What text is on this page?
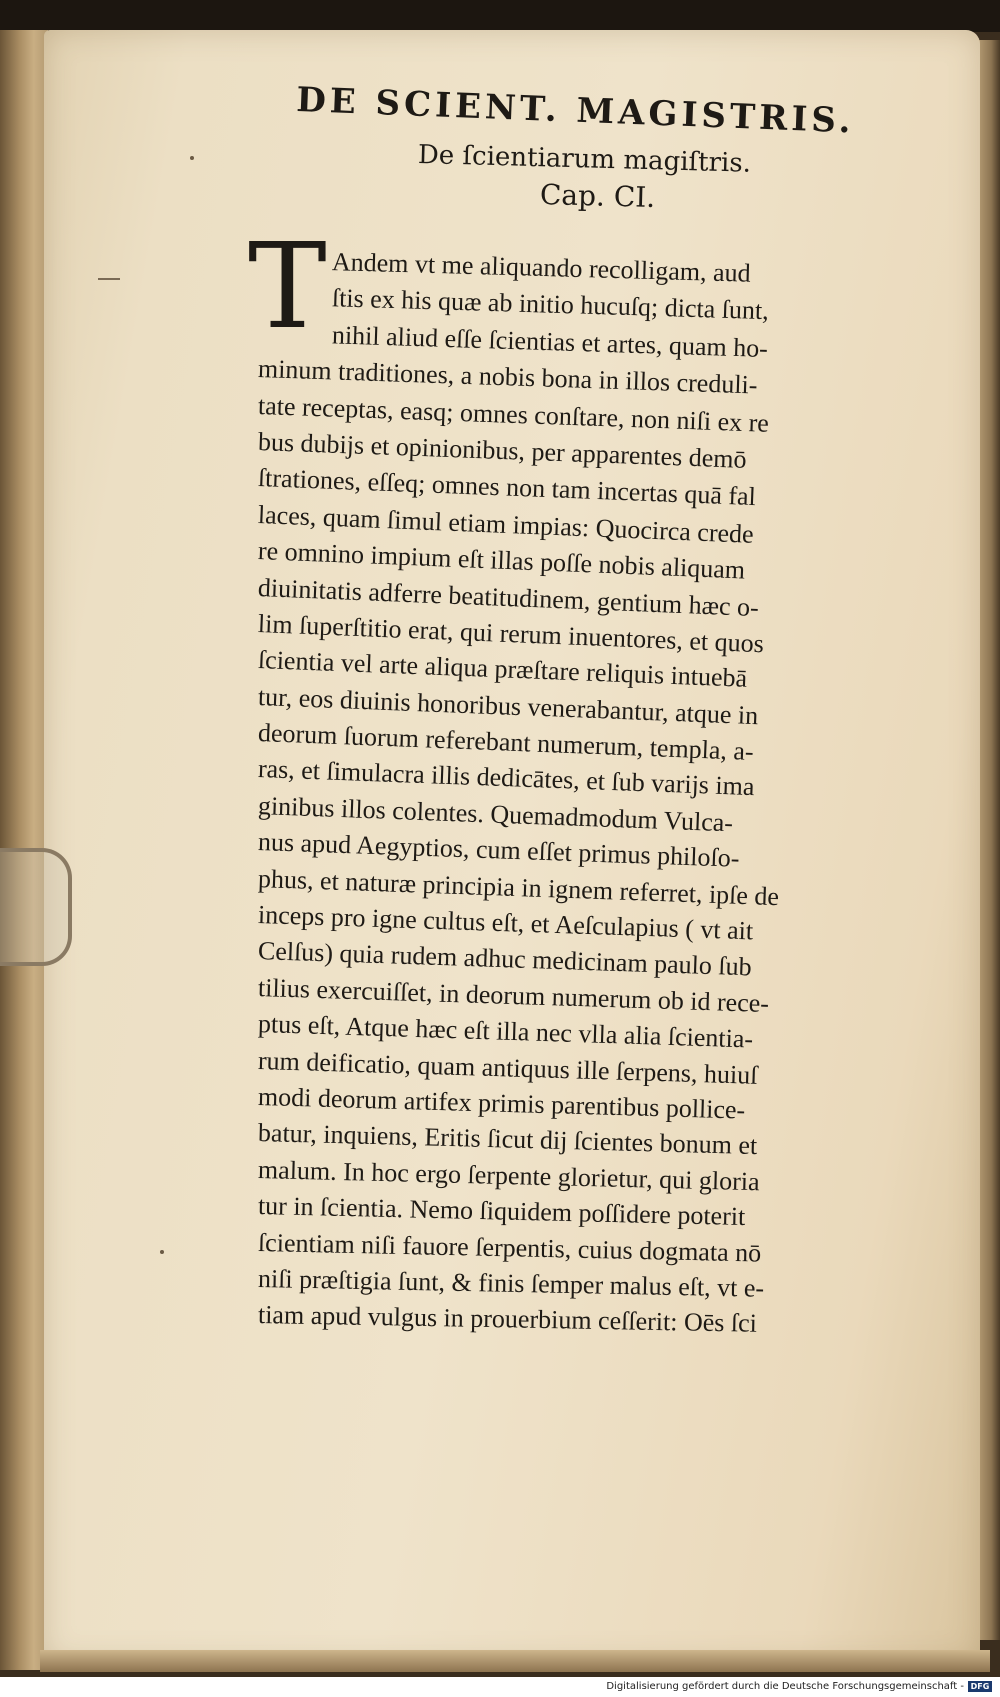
DE SCIENT. MAGISTRIS.
De ſcientiarum magiſtris.
Cap. CI.
T Andem vt me aliquando recolligam, aud
ſtis ex his quæ ab initio hucuſq; dicta ſunt,
nihil aliud eſſe ſcientias et artes, quam ho-
minum traditiones, a nobis bona in illos creduli-
tate receptas, easq; omnes conſtare, non niſi ex re
bus dubijs et opinionibus, per apparentes demō
ſtrationes, eſſeq; omnes non tam incertas quā fal
laces, quam ſimul etiam impias: Quocirca crede
re omnino impium eſt illas poſſe nobis aliquam
diuinitatis adferre beatitudinem, gentium hæc o-
lim ſuperſtitio erat, qui rerum inuentores, et quos
ſcientia vel arte aliqua præſtare reliquis intuebā
tur, eos diuinis honoribus venerabantur, atque in
deorum ſuorum referebant numerum, templa, a-
ras, et ſimulacra illis dedicātes, et ſub varijs ima
ginibus illos colentes. Quemadmodum Vulca-
nus apud Aegyptios, cum eſſet primus philoſo-
phus, et naturæ principia in ignem referret, ipſe de
inceps pro igne cultus eſt, et Aeſculapius ( vt ait
Celſus) quia rudem adhuc medicinam paulo ſub
tilius exercuiſſet, in deorum numerum ob id rece-
ptus eſt, Atque hæc eſt illa nec vlla alia ſcientia-
rum deificatio, quam antiquus ille ſerpens, huiuſ
modi deorum artifex primis parentibus pollice-
batur, inquiens, Eritis ſicut dij ſcientes bonum et
malum. In hoc ergo ſerpente glorietur, qui gloria
tur in ſcientia. Nemo ſiquidem poſſidere poterit
ſcientiam niſi fauore ſerpentis, cuius dogmata nō
niſi præſtigia ſunt, & finis ſemper malus eſt, vt e-
tiam apud vulgus in prouerbium ceſſerit: Oēs ſci
Digitalisierung gefördert durch die Deutsche Forschungsgemeinschaft - DFG
